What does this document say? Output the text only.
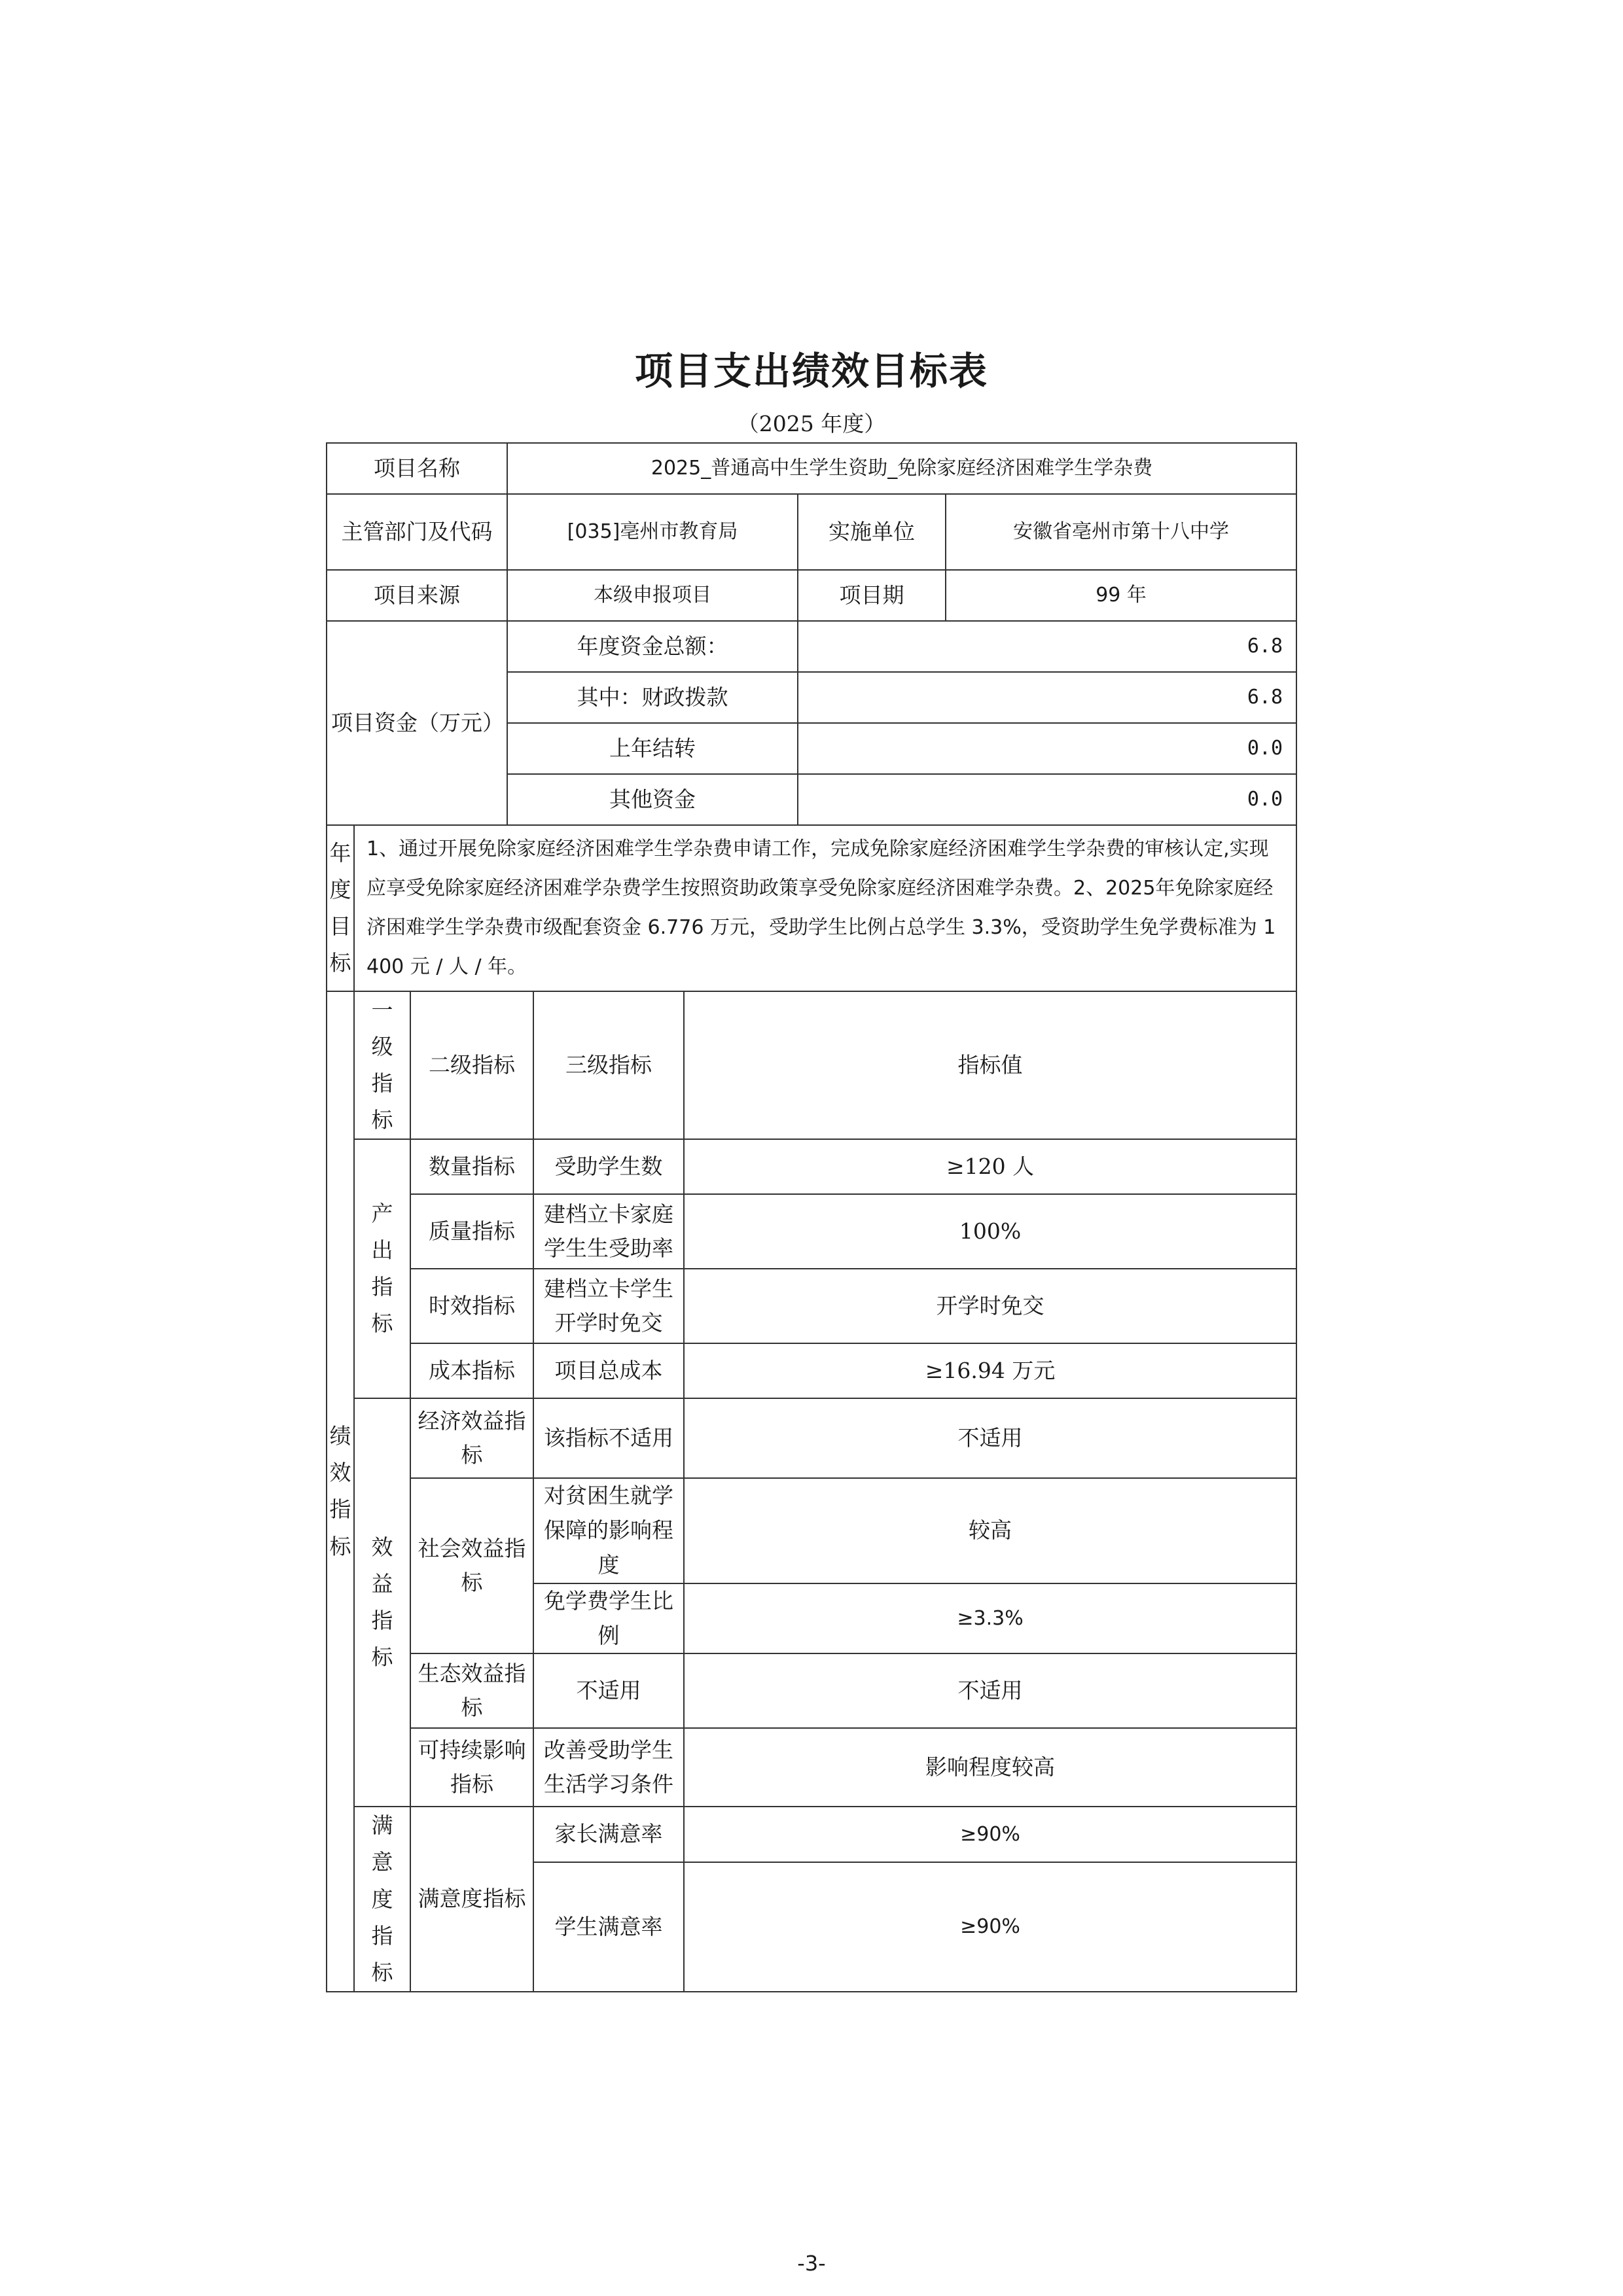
项目支出绩效目标表
（2025 年度）
项目名称			2025_普通高中生学生资助_免除家庭经济困难学生学杂费				
主管部门及代码			[035]亳州市教育局			实施单位	安徽省亳州市第十八中学
项目来源			本级申报项目			项目期	99 年
项目资金（万元）			年度资金总额：			6.8	
			其中：财政拨款			6.8	
			上年结转			0.0	
			其他资金			0.0	
年度目标	1、通过开展免除家庭经济困难学生学杂费申请工作，完成免除家庭经济困难学生学杂费的审核认定,实现应享受免除家庭经济困难学杂费学生按照资助政策享受免除家庭经济困难学杂费。2、2025年免除家庭经济困难学生学杂费市级配套资金 6.776 万元，受助学生比例占总学生 3.3%，受资助学生免学费标准为 1400 元 / 人 / 年。						
绩效指标	一级指标	二级指标		三级指标	指标值		
	产出指标	数量指标		受助学生数	≥120 人		
		质量指标		建档立卡家庭学生生受助率	100%		
		时效指标		建档立卡学生开学时免交	开学时免交		
		成本指标		项目总成本	≥16.94 万元		
	效益指标	经济效益指标		该指标不适用	不适用		
		社会效益指标		对贫困生就学保障的影响程度	较高		
				免学费学生比例	≥3.3%		
		生态效益指标		不适用	不适用		
		可持续影响指标		改善受助学生生活学习条件	影响程度较高		

	满意度指标	满意度指标		家长满意率	≥90%		
				学生满意率	≥90%		
-3-
